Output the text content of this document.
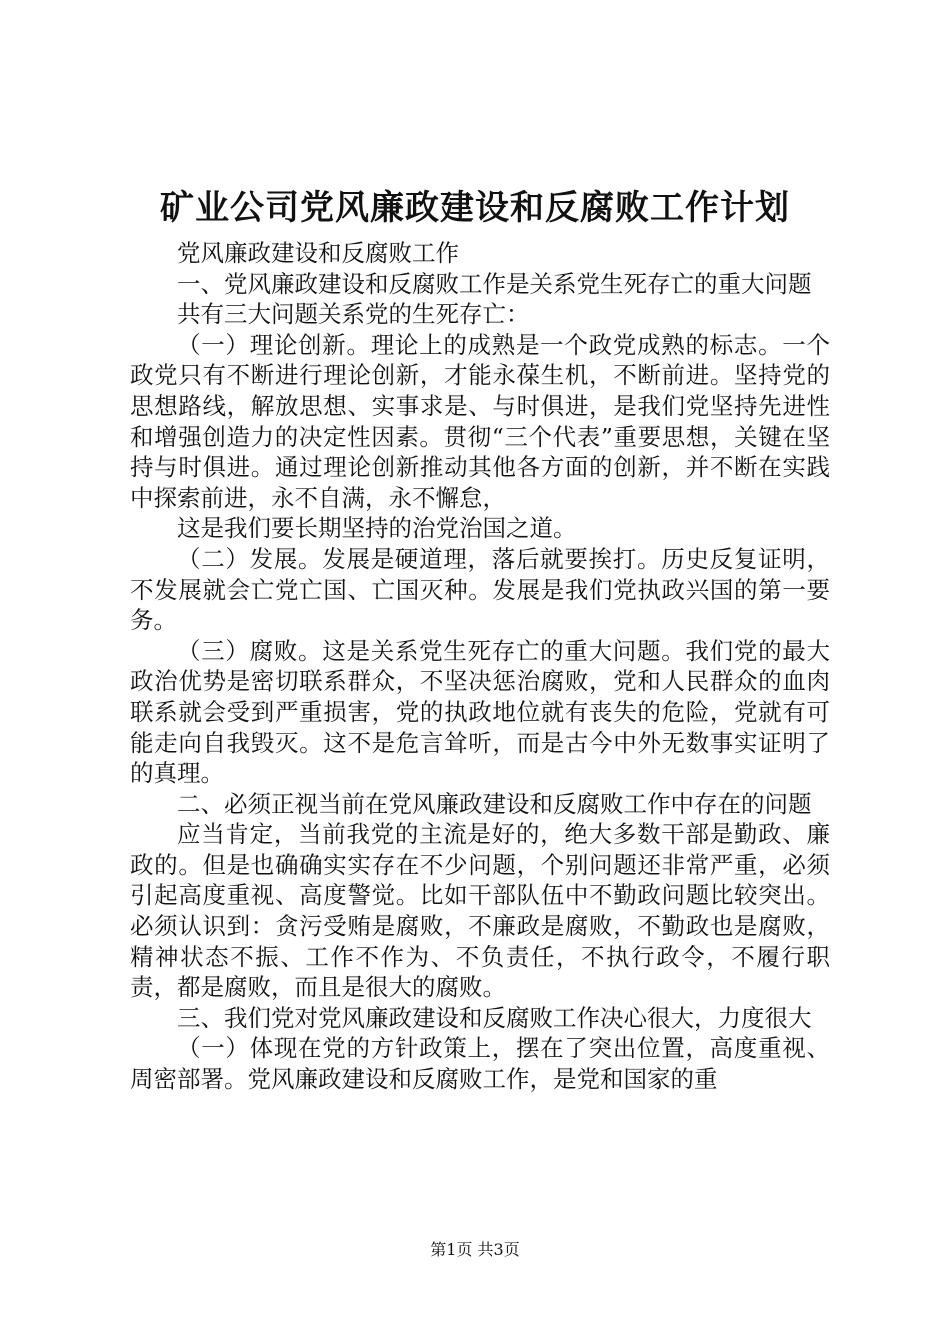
矿业公司党风廉政建设和反腐败工作计划

党风廉政建设和反腐败工作

一、党风廉政建设和反腐败工作是关系党生死存亡的重大问题

共有三大问题关系党的生死存亡：

（一）理论创新。理论上的成熟是一个政党成熟的标志。一个政党只有不断进行理论创新，才能永葆生机，不断前进。坚持党的思想路线，解放思想、实事求是、与时俱进，是我们党坚持先进性和增强创造力的决定性因素。贯彻“三个代表”重要思想，关键在坚持与时俱进。通过理论创新推动其他各方面的创新，并不断在实践中探索前进，永不自满，永不懈怠，

这是我们要长期坚持的治党治国之道。

（二）发展。发展是硬道理，落后就要挨打。历史反复证明，不发展就会亡党亡国、亡国灭种。发展是我们党执政兴国的第一要务。

（三）腐败。这是关系党生死存亡的重大问题。我们党的最大政治优势是密切联系群众，不坚决惩治腐败，党和人民群众的血肉联系就会受到严重损害，党的执政地位就有丧失的危险，党就有可能走向自我毁灭。这不是危言耸听，而是古今中外无数事实证明了的真理。

二、必须正视当前在党风廉政建设和反腐败工作中存在的问题

应当肯定，当前我党的主流是好的，绝大多数干部是勤政、廉政的。但是也确确实实存在不少问题，个别问题还非常严重，必须引起高度重视、高度警觉。比如干部队伍中不勤政问题比较突出。必须认识到：贪污受贿是腐败，不廉政是腐败，不勤政也是腐败，精神状态不振、工作不作为、不负责任，不执行政令，不履行职责，都是腐败，而且是很大的腐败。

三、我们党对党风廉政建设和反腐败工作决心很大，力度很大

（一）体现在党的方针政策上，摆在了突出位置，高度重视、周密部署。党风廉政建设和反腐败工作，是党和国家的重

第1页 共3页
